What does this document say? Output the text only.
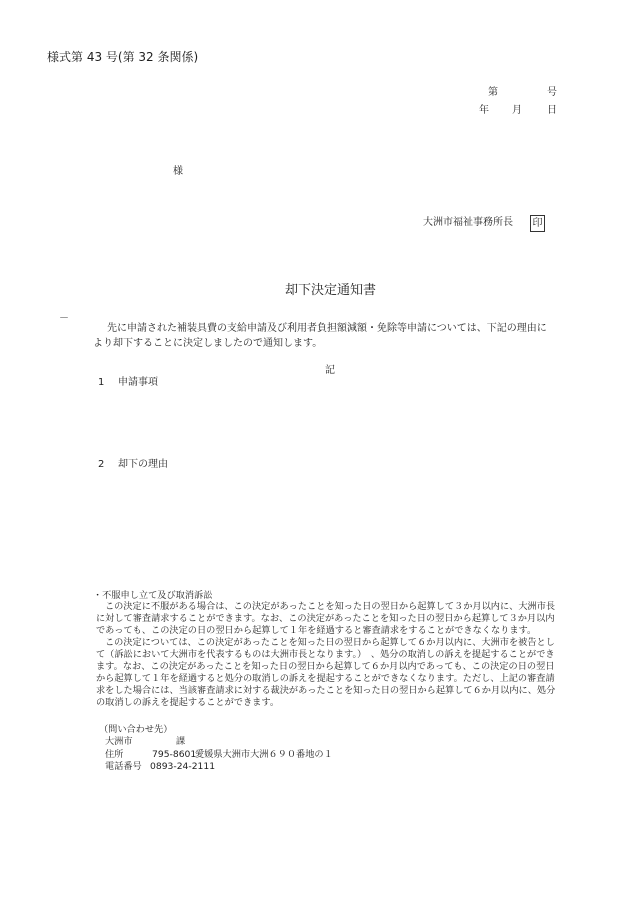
様式第 43 号(第 32 条関係)
第	号
年 月	日
様
大洲市福祉事務所長 印
却下決定通知書
－
先に申請された補装具費の支給申請及び利用者負担額減額・免除等申請については、下記の理由に
より却下することに決定しましたので通知します。
記
1 申請事項
2 却下の理由
・不服申し立て及び取消訴訟
この決定に不服がある場合は、この決定があったことを知った日の翌日から起算して３か月以内に、大洲市長
に対して審査請求することができます。なお、この決定があったことを知った日の翌日から起算して３か月以内
であっても、この決定の日の翌日から起算して１年を経過すると審査請求をすることができなくなります。
この決定については、この決定があったことを知った日の翌日から起算して６か月以内に、大洲市を被告とし
て（訴訟において大洲市を代表するものは大洲市長となります。）　、処分の取消しの訴えを提起することができ
ます。なお、この決定があったことを知った日の翌日から起算して６か月以内であっても、この決定の日の翌日
から起算して１年を経過すると処分の取消しの訴えを提起することができなくなります。ただし、上記の審査請
求をした場合には、当該審査請求に対する裁決があったことを知った日の翌日から起算して６か月以内に、処分
の取消しの訴えを提起することができます。
（問い合わせ先）
大洲市	課
住所	795-8601
愛媛県大洲市大洲６９０番地の１
電話番号 0893-24-2111
